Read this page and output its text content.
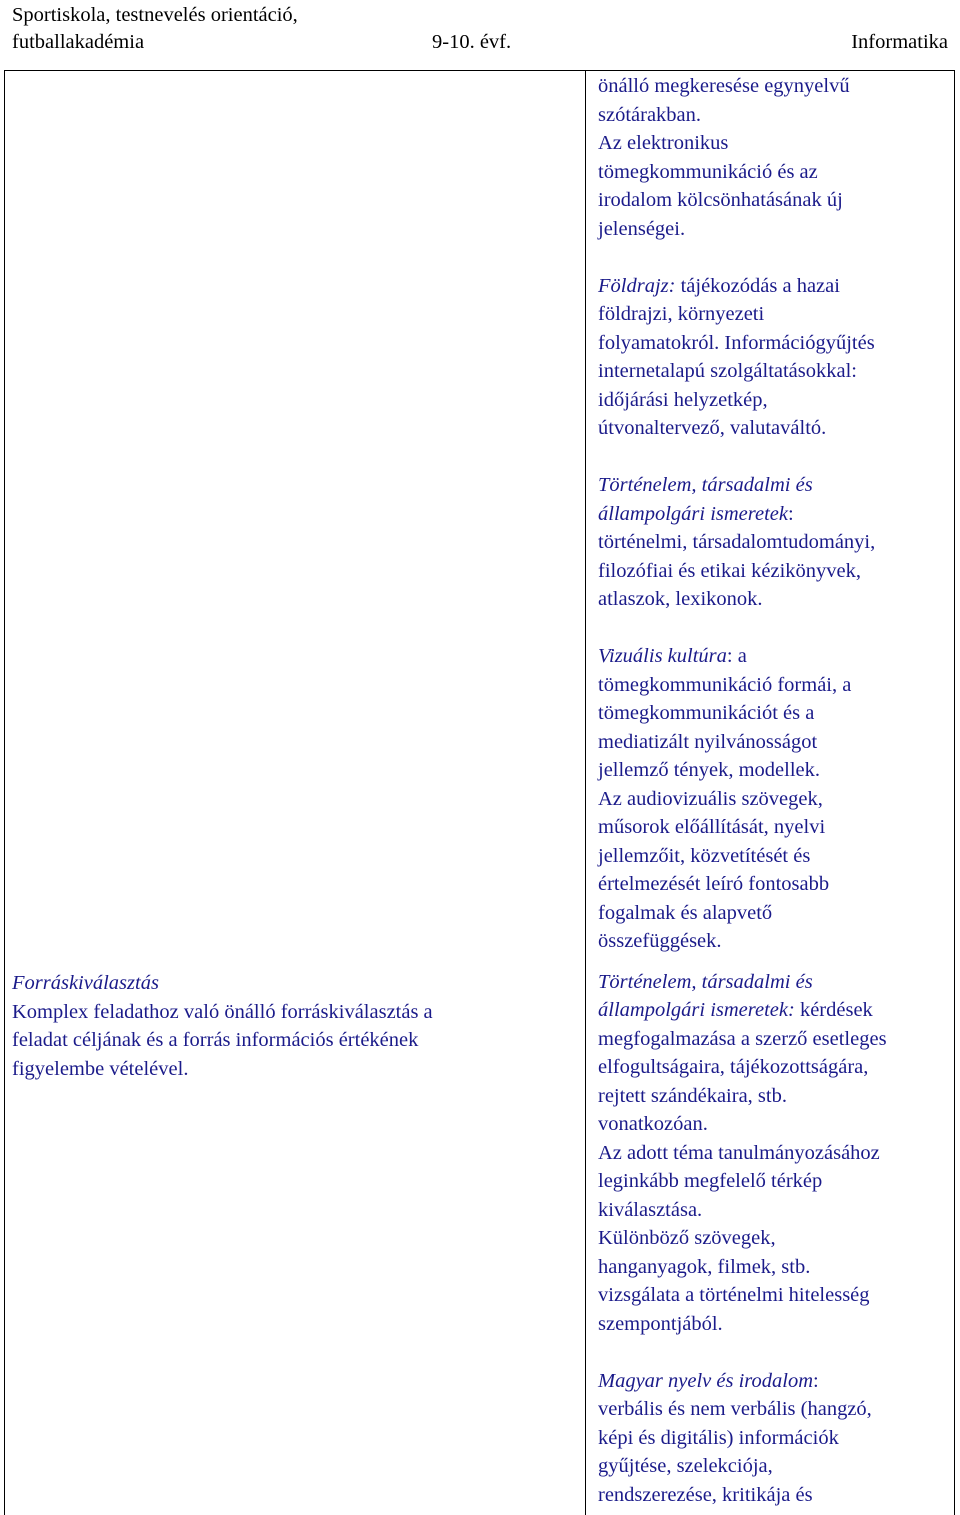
Sportiskola, testnevelés orientáció,
futballakadémia	9-10. évf.	Informatika
Forráskiválasztás
Komplex feladathoz való önálló forráskiválasztás a
feladat céljának és a forrás információs értékének
figyelembe vételével.
önálló megkeresése egynyelvű
szótárakban.
Az elektronikus
tömegkommunikáció és az
irodalom kölcsönhatásának új
jelenségei.
Földrajz: tájékozódás a hazai
földrajzi, környezeti
folyamatokról. Információgyűjtés
internetalapú szolgáltatásokkal:
időjárási helyzetkép,
útvonaltervező, valutaváltó.
Történelem, társadalmi és
állampolgári ismeretek:
történelmi, társadalomtudományi,
filozófiai és etikai kézikönyvek,
atlaszok, lexikonok.
Vizuális kultúra: a
tömegkommunikáció formái, a
tömegkommunikációt és a
mediatizált nyilvánosságot
jellemző tények, modellek.
Az audiovizuális szövegek,
műsorok előállítását, nyelvi
jellemzőit, közvetítését és
értelmezését leíró fontosabb
fogalmak és alapvető
összefüggések.
Történelem, társadalmi és
állampolgári ismeretek: kérdések
megfogalmazása a szerző esetleges
elfogultságaira, tájékozottságára,
rejtett szándékaira, stb.
vonatkozóan.
Az adott téma tanulmányozásához
leginkább megfelelő térkép
kiválasztása.
Különböző szövegek,
hanganyagok, filmek, stb.
vizsgálata a történelmi hitelesség
szempontjából.
Magyar nyelv és irodalom:
verbális és nem verbális (hangzó,
képi és digitális) információk
gyűjtése, szelekciója,
rendszerezése, kritikája és
